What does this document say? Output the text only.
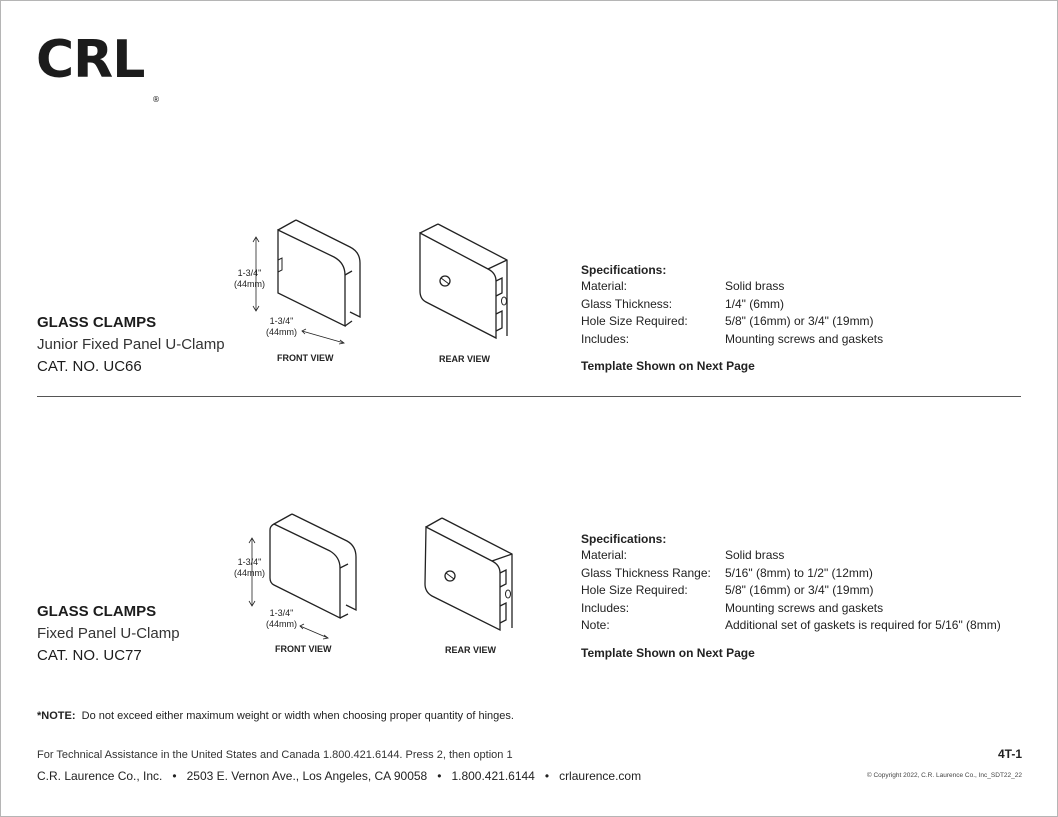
CRL
®
GLASS CLAMPS
Junior Fixed Panel U-Clamp
CAT. NO. UC66
1-3/4"
(44mm)
1-3/4"
(44mm)
FRONT VIEW	REAR VIEW
Specifications:
Material:	Solid brass
Glass Thickness:	1/4" (6mm)
Hole Size Required:	5/8" (16mm) or 3/4" (19mm)
Includes:	Mounting screws and gaskets
Template Shown on Next Page
GLASS CLAMPS
Fixed Panel U-Clamp
CAT. NO. UC77
1-3/4"
(44mm)
1-3/4"
(44mm)
FRONT VIEW	REAR VIEW
Specifications:
Material:	Solid brass
Glass Thickness Range: 5/16" (8mm) to 1/2" (12mm)
Hole Size Required:	5/8" (16mm) or 3/4" (19mm)
Includes:	Mounting screws and gaskets
Note:	Additional set of gaskets is required for 5/16" (8mm)
Template Shown on Next Page
*NOTE: Do not exceed either maximum weight or width when choosing proper quantity of hinges.
For Technical Assistance in the United States and Canada 1.800.421.6144. Press 2, then option 1	4T-1
C.R. Laurence Co., Inc. • 2503 E. Vernon Ave., Los Angeles, CA 90058 • 1.800.421.6144 • crlaurence.com	© Copyright 2022, C.R. Laurence Co., Inc_SDT22_22
